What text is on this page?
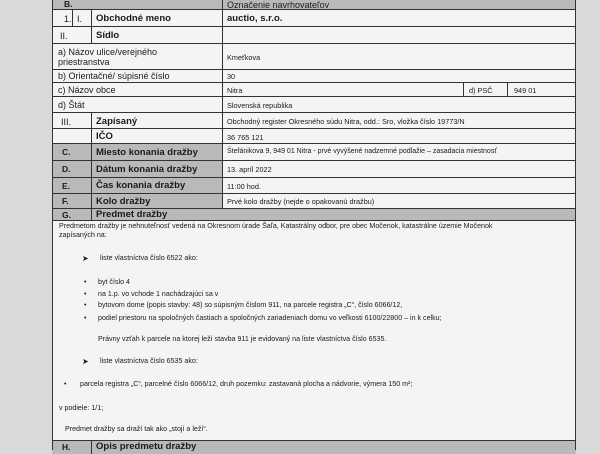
B.	Označenie navrhovateľov
1. I. Obchodné meno	auctio, s.r.o.
II.	Sídlo
a) Názov ulice/verejného
priestranstva	Kmeťkova
b) Orientačné/ súpisné číslo	30
c) Názov obce	Nitra	d) PSČ	949 01
d) Štát	Slovenská republika
III.	Zapísaný	Obchodný register Okresného súdu Nitra, odd.: Sro, vložka číslo 19773/N
IČO	36 765 121
C.	Miesto konania dražby	Štefánikova 9, 949 01 Nitra - prvé vyvýšené nadzemné podlažie – zasadacia miestnosť
D.	Dátum konania dražby	13. apríl 2022
E.	Čas konania dražby	11:00 hod.
F.	Kolo dražby	Prvé kolo dražby (nejde o opakovanú dražbu)
G.	Predmet dražby
Predmetom dražby je nehnuteľnosť vedená na Okresnom úrade Šaľa, Katastrálny odbor, pre obec Močenok, katastrálne územie Močenok
zapísaných na:
➤ liste vlastníctva číslo 6522 ako:
• byt číslo 4
• na 1.p. vo vchode 1 nachádzajúci sa v
• bytovom dome (popis stavby: 48) so súpisným číslom 911, na parcele registra „C“, číslo 6066/12,
• podiel priestoru na spoločných častiach a spoločných zariadeniach domu vo veľkosti 6100/22800 – in k celku;
Právny vzťah k parcele na ktorej leží stavba 911 je evidovaný na liste vlastníctva číslo 6535.
➤ liste vlastníctva číslo 6535 ako:
• parcela registra „C“, parcelné číslo 6066/12, druh pozemku: zastavaná plocha a nádvorie, výmera 150 m²;
v podiele: 1/1;
Predmet dražby sa draží tak ako „stojí a leží“.
H.	Opis predmetu dražby
